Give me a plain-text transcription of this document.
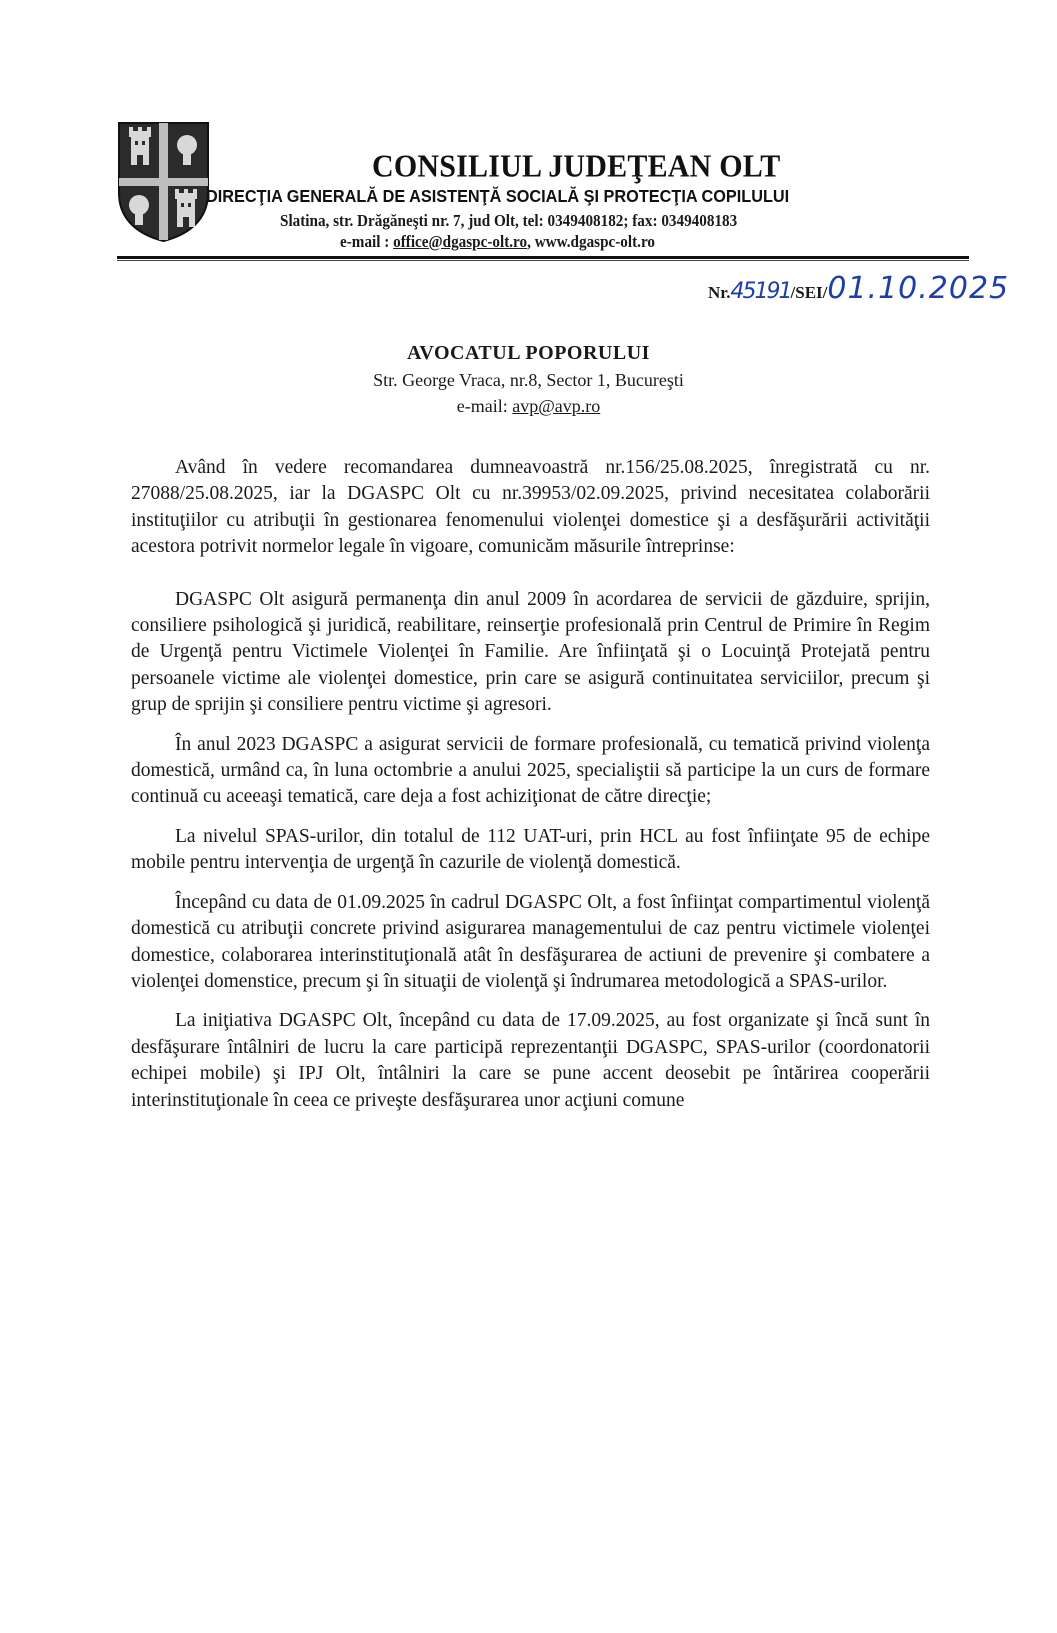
CONSILIUL JUDEŢEAN OLT
DIRECŢIA GENERALĂ DE ASISTENŢĂ SOCIALĂ ŞI PROTECŢIA COPILULUI
Slatina, str. Drăgăneşti nr. 7, jud Olt, tel: 0349408182; fax: 0349408183
e-mail : office@dgaspc-olt.ro, www.dgaspc-olt.ro
Nr.45191/SEI/01.10.2025
AVOCATUL POPORULUI
Str. George Vraca, nr.8, Sector 1, Bucureşti
e-mail: avp@avp.ro

Având în vedere recomandarea dumneavoastră nr.156/25.08.2025, înregistrată cu nr. 27088/25.08.2025, iar la DGASPC Olt cu nr.39953/02.09.2025, privind necesitatea colaborării instituţiilor cu atribuţii în gestionarea fenomenului violenţei domestice şi a desfăşurării activităţii acestora potrivit normelor legale în vigoare, comunicăm măsurile întreprinse:

DGASPC Olt asigură permanenţa din anul 2009 în acordarea de servicii de găzduire, sprijin, consiliere psihologică şi juridică, reabilitare, reinserţie profesională prin Centrul de Primire în Regim de Urgenţă pentru Victimele Violenţei în Familie. Are înfiinţată şi o Locuinţă Protejată pentru persoanele victime ale violenţei domestice, prin care se asigură continuitatea serviciilor, precum şi grup de sprijin şi consiliere pentru victime şi agresori.

În anul 2023 DGASPC a asigurat servicii de formare profesională, cu tematică privind violenţa domestică, urmând ca, în luna octombrie a anului 2025, specialiştii să participe la un curs de formare continuă cu aceeaşi tematică, care deja a fost achiziţionat de către direcţie;

La nivelul SPAS-urilor, din totalul de 112 UAT-uri, prin HCL au fost înfiinţate 95 de echipe mobile pentru intervenţia de urgenţă în cazurile de violenţă domestică.

Începând cu data de 01.09.2025 în cadrul DGASPC Olt, a fost înfiinţat compartimentul violenţă domestică cu atribuţii concrete privind asigurarea managementului de caz pentru victimele violenţei domestice, colaborarea interinstituţională atât în desfăşurarea de actiuni de prevenire şi combatere a violenţei domenstice, precum şi în situaţii de violenţă şi îndrumarea metodologică a SPAS-urilor.

La iniţiativa DGASPC Olt, începând cu data de 17.09.2025, au fost organizate şi încă sunt în desfăşurare întâlniri de lucru la care participă reprezentanţii DGASPC, SPAS-urilor (coordonatorii echipei mobile) şi IPJ Olt, întâlniri la care se pune accent deosebit pe întărirea cooperării interinstituţionale în ceea ce priveşte desfăşurarea unor acţiuni comune
